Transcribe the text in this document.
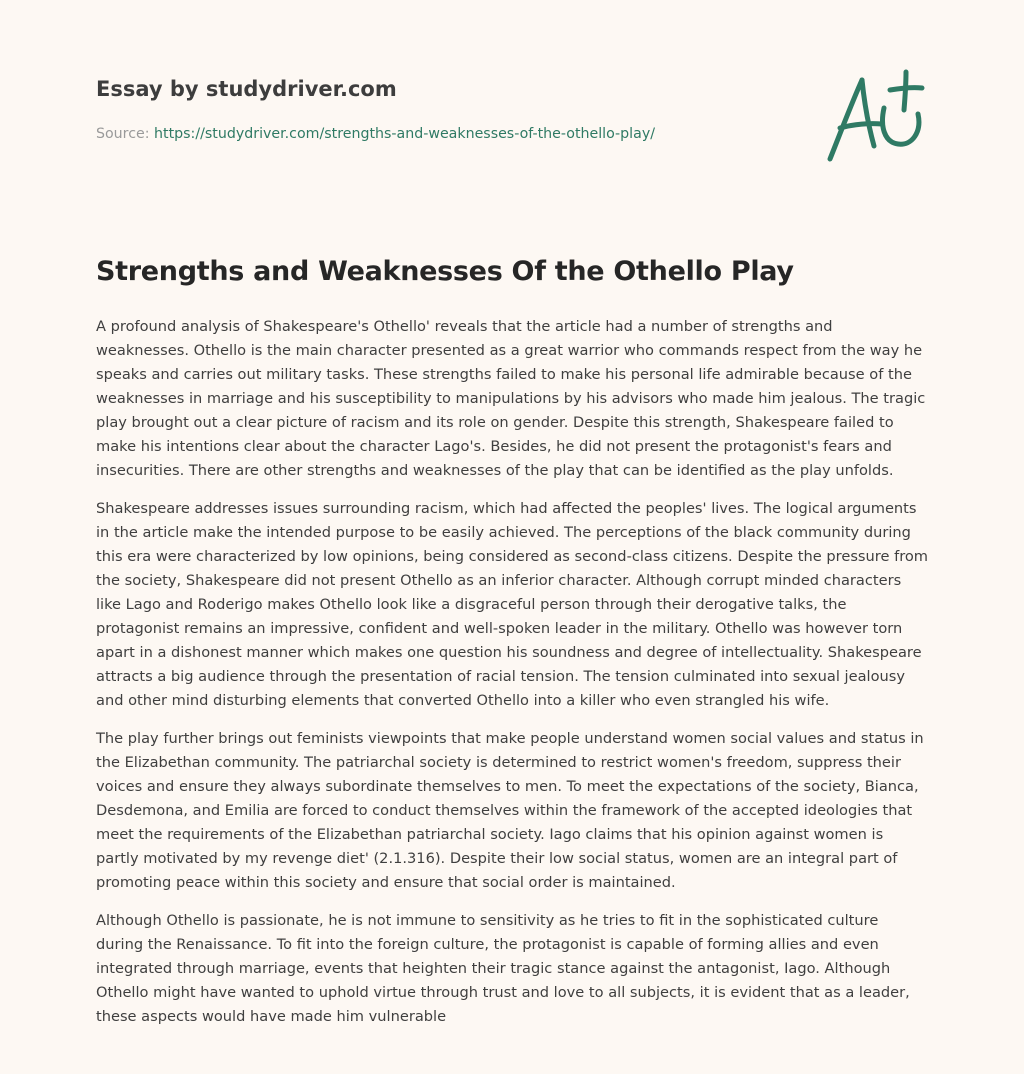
Essay by studydriver.com
Source: https://studydriver.com/strengths-and-weaknesses-of-the-othello-play/
Strengths and Weaknesses Of the Othello Play

A profound analysis of Shakespeare's Othello' reveals that the article had a number of strengths and weaknesses. Othello is the main character presented as a great warrior who commands respect from the way he speaks and carries out military tasks. These strengths failed to make his personal life admirable because of the weaknesses in marriage and his susceptibility to manipulations by his advisors who made him jealous. The tragic play brought out a clear picture of racism and its role on gender. Despite this strength, Shakespeare failed to make his intentions clear about the character Lago's. Besides, he did not present the protagonist's fears and insecurities. There are other strengths and weaknesses of the play that can be identified as the play unfolds.

Shakespeare addresses issues surrounding racism, which had affected the peoples' lives. The logical arguments in the article make the intended purpose to be easily achieved. The perceptions of the black community during this era were characterized by low opinions, being considered as second-class citizens. Despite the pressure from the society, Shakespeare did not present Othello as an inferior character. Although corrupt minded characters like Lago and Roderigo makes Othello look like a disgraceful person through their derogative talks, the protagonist remains an impressive, confident and well-spoken leader in the military. Othello was however torn apart in a dishonest manner which makes one question his soundness and degree of intellectuality. Shakespeare attracts a big audience through the presentation of racial tension. The tension culminated into sexual jealousy and other mind disturbing elements that converted Othello into a killer who even strangled his wife.

The play further brings out feminists viewpoints that make people understand women social values and status in the Elizabethan community. The patriarchal society is determined to restrict women's freedom, suppress their voices and ensure they always subordinate themselves to men. To meet the expectations of the society, Bianca, Desdemona, and Emilia are forced to conduct themselves within the framework of the accepted ideologies that meet the requirements of the Elizabethan patriarchal society. Iago claims that his opinion against women is partly motivated by my revenge diet' (2.1.316). Despite their low social status, women are an integral part of promoting peace within this society and ensure that social order is maintained.

Although Othello is passionate, he is not immune to sensitivity as he tries to fit in the sophisticated culture during the Renaissance. To fit into the foreign culture, the protagonist is capable of forming allies and even integrated through marriage, events that heighten their tragic stance against the antagonist, Iago. Although Othello might have wanted to uphold virtue through trust and love to all subjects, it is evident that as a leader, these aspects would have made him vulnerable
